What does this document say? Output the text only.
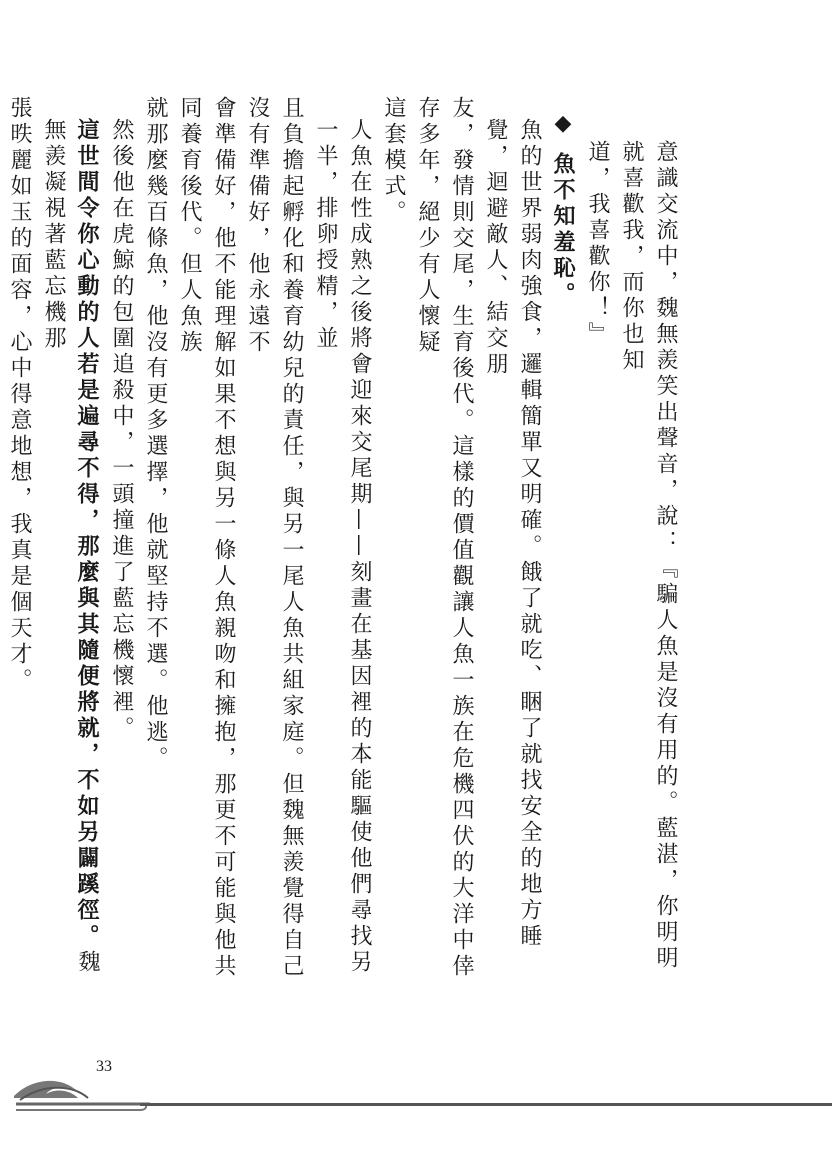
意識交流中，魏無羨笑出聲音，說：『騙人魚是沒有用的。藍湛，你明明就喜歡我，而你也知

道，我喜歡你！』

◆魚不知羞恥。

魚的世界弱肉強食，邏輯簡單又明確。餓了就吃、睏了就找安全的地方睡覺，迴避敵人、結交朋

友，發情則交尾，生育後代。這樣的價值觀讓人魚一族在危機四伏的大洋中倖存多年，絕少有人懷疑

這套模式。

人魚在性成熟之後將會迎來交尾期——刻畫在基因裡的本能驅使他們尋找另一半，排卵授精，並

且負擔起孵化和養育幼兒的責任，與另一尾人魚共組家庭。但魏無羨覺得自己沒有準備好，他永遠不

會準備好，他不能理解如果不想與另一條人魚親吻和擁抱，那更不可能與他共同養育後代。但人魚族

就那麼幾百條魚，他沒有更多選擇，他就堅持不選。他逃。

然後他在虎鯨的包圍追殺中，一頭撞進了藍忘機懷裡。

這世間令你心動的人若是遍尋不得，那麼與其隨便將就，不如另闢蹊徑。魏無羨凝視著藍忘機那

張昳麗如玉的面容，心中得意地想，我真是個天才。

33
